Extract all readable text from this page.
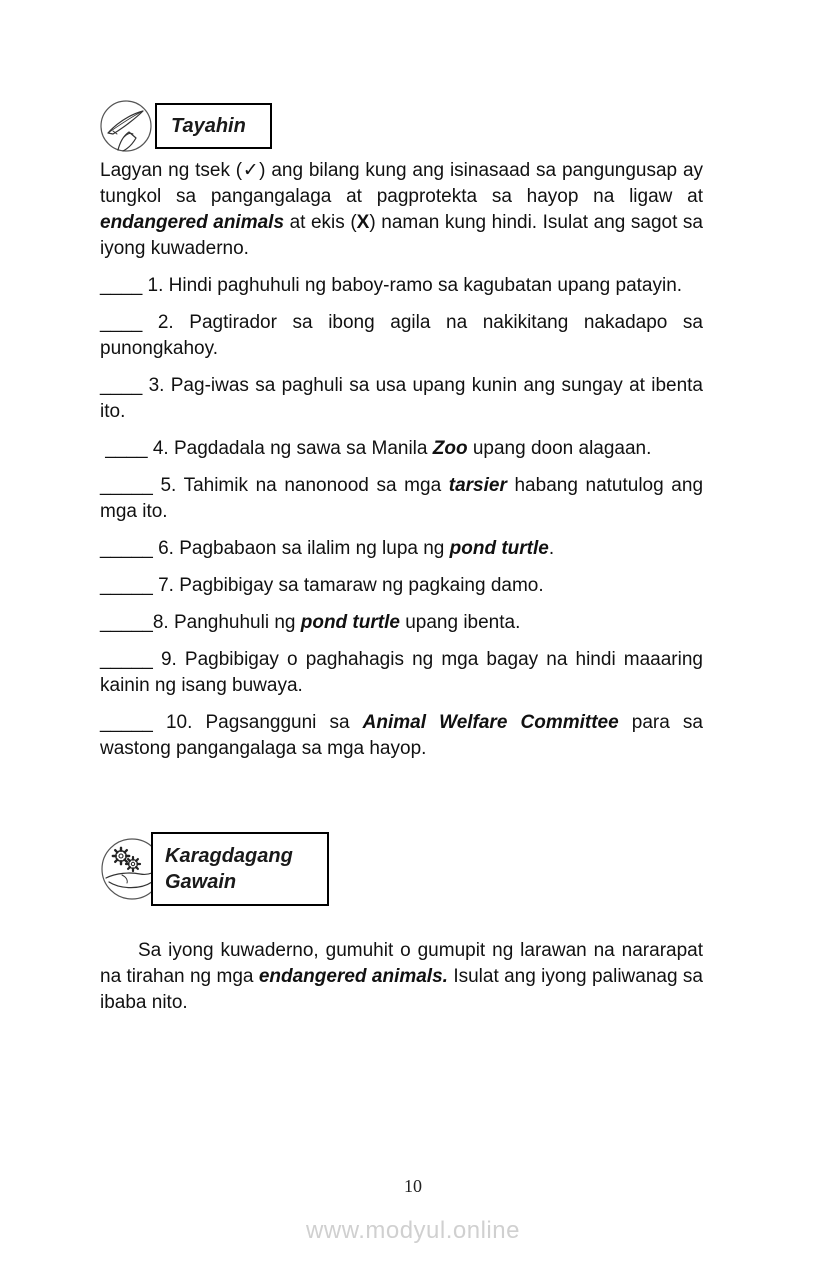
Tayahin

Lagyan ng tsek (✓) ang bilang kung ang isinasaad sa pangungusap ay tungkol sa pangangalaga at pagprotekta sa hayop na ligaw at endangered animals at ekis (X) naman kung hindi. Isulat ang sagot sa iyong kuwaderno.

____ 1. Hindi paghuhuli ng baboy-ramo sa kagubatan upang patayin.

____ 2. Pagtirador sa ibong agila na nakikitang nakadapo sa punongkahoy.

____ 3. Pag-iwas sa paghuli sa usa upang kunin ang sungay at ibenta ito.

____ 4. Pagdadala ng sawa sa Manila Zoo upang doon alagaan.

_____ 5. Tahimik na nanonood sa mga tarsier habang natutulog ang mga ito.

_____ 6. Pagbabaon sa ilalim ng lupa ng pond turtle.

_____ 7. Pagbibigay sa tamaraw ng pagkaing damo.

_____8. Panghuhuli ng pond turtle upang ibenta.

_____ 9. Pagbibigay o paghahagis ng mga bagay na hindi maaaring kainin ng isang buwaya.

_____ 10. Pagsangguni sa Animal Welfare Committee para sa wastong pangangalaga sa mga hayop.

Karagdagang Gawain

Sa iyong kuwaderno, gumuhit o gumupit ng larawan na nararapat na tirahan ng mga endangered animals. Isulat ang iyong paliwanag sa ibaba nito.

10
www.modyul.online
